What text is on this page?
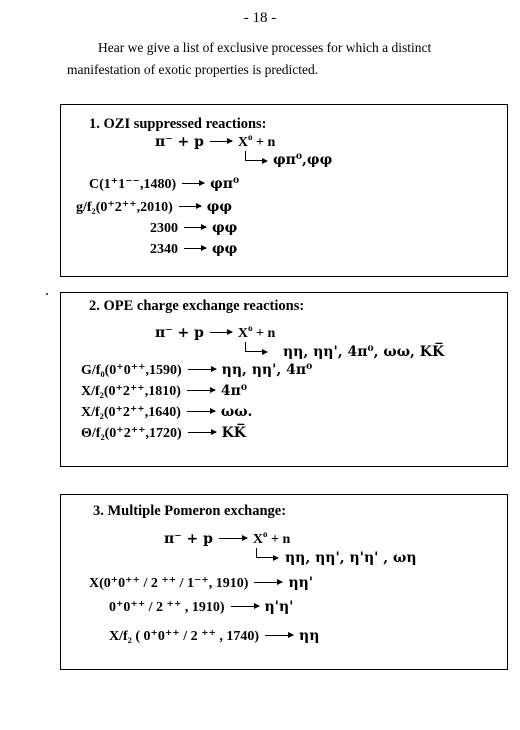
- 18 -
Hear we give a list of exclusive processes for which a distinct
manifestation of exotic properties is predicted.
1. OZI suppressed reactions:
π⁻ + p $X^o + n$
φπ⁰,φφ
C(1⁺1⁻⁻,1480) φπ⁰
g/f₂(0⁺2⁺⁺,2010) φφ
2300 φφ
2340 φφ
2. OPE charge exchange reactions:
π⁻ + p $X^o + n$
ηη, ηη', 4π⁰, ωω, KK̅
G/f₀(0⁺0⁺⁺,1590)	ηη, ηη', 4π⁰
X/f₂(0⁺2⁺⁺,1810)	4π⁰
X/f₂(0⁺2⁺⁺,1640)	ωω.
Θ/f₂(0⁺2⁺⁺,1720)	KK̅
3. Multiple Pomeron exchange:
π⁻ + p	$X^o + n$
ηη, ηη', η'η' , ωη
X(0⁺0⁺⁺ / 2 ⁺⁺ / 1⁻⁺, 1910)	ηη'
0⁺0⁺⁺ / 2 ⁺⁺ , 1910)	η'η'
X/f₂ ( 0⁺0⁺⁺ / 2 ⁺⁺ , 1740)	ηη
